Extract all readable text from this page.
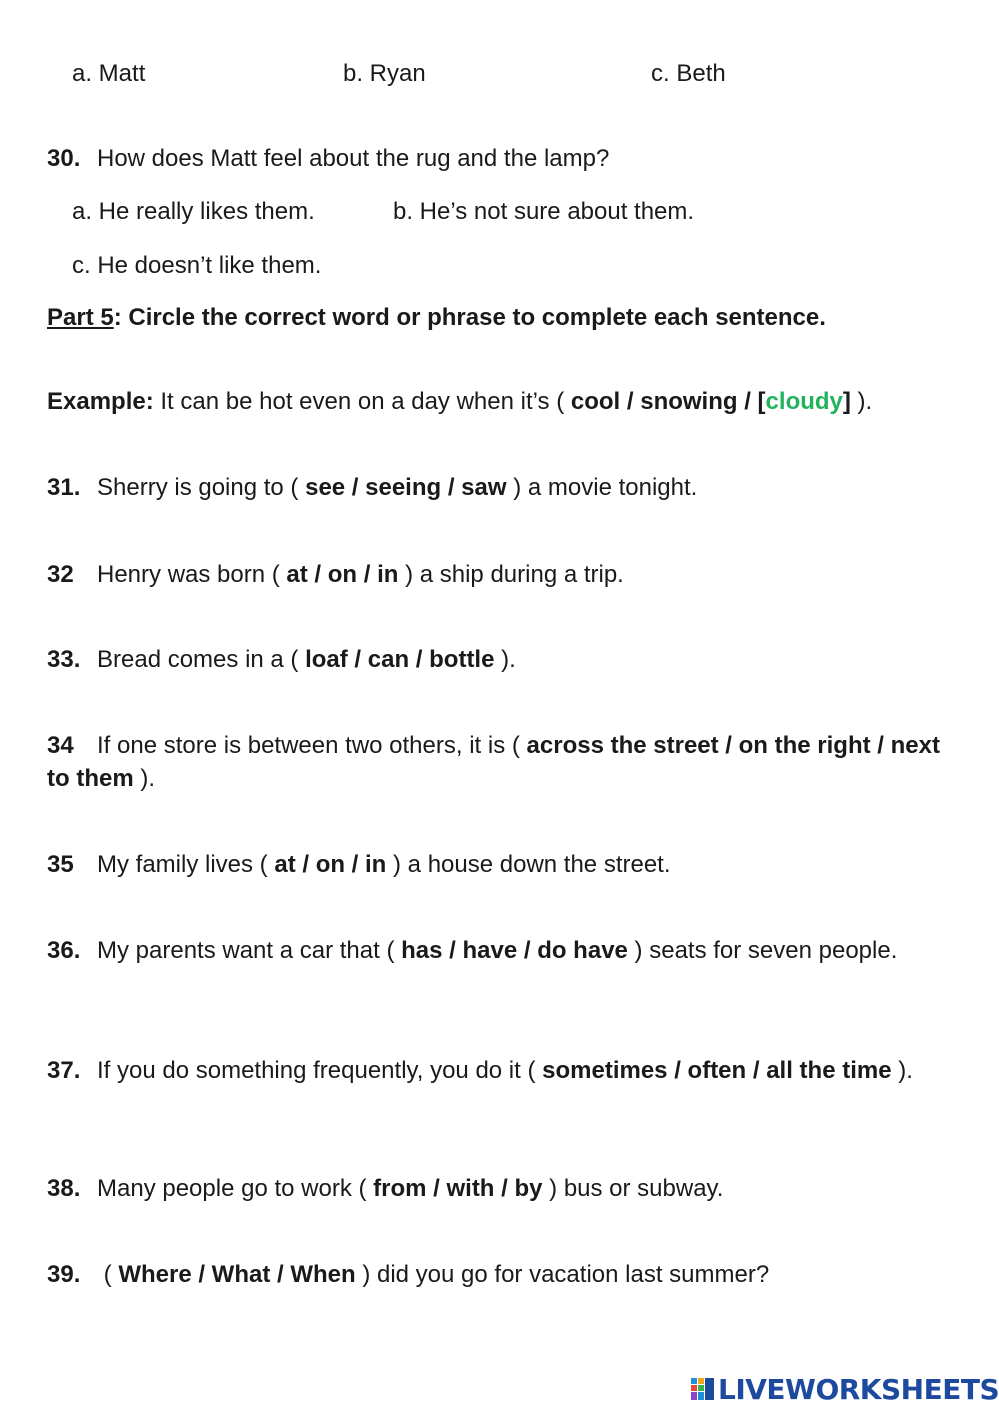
a. Matt	b. Ryan	c. Beth
30. How does Matt feel about the rug and the lamp?
a. He really likes them.	b. He’s not sure about them.
c. He doesn’t like them.
Part 5: Circle the correct word or phrase to complete each sentence.
Example: It can be hot even on a day when it’s ( cool / snowing / [cloudy] ).
31. Sherry is going to ( see / seeing / saw ) a movie tonight.
32 Henry was born ( at / on / in ) a ship during a trip.
33. Bread comes in a ( loaf / can / bottle ).
34 If one store is between two others, it is ( across the street / on the right / next to them ).
35 My family lives ( at / on / in ) a house down the street.
36. My parents want a car that ( has / have / do have ) seats for seven people.
37. If you do something frequently, you do it ( sometimes / often / all the time ).
38. Many people go to work ( from / with / by ) bus or subway.
39. ( Where / What / When ) did you go for vacation last summer?
LIVEWORKSHEETS
